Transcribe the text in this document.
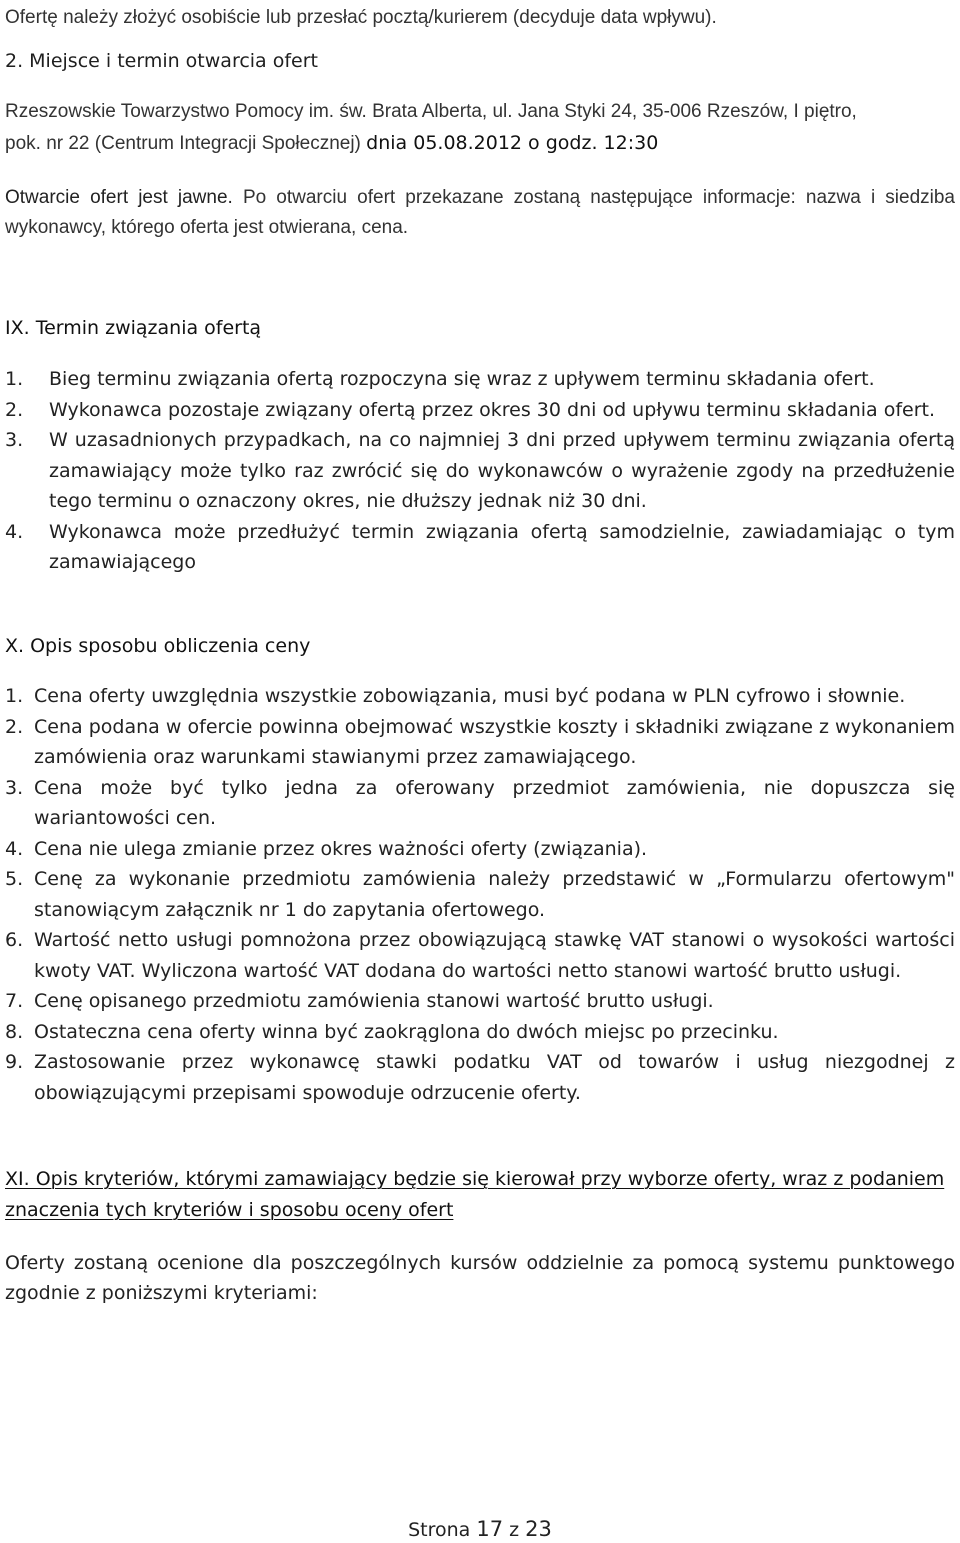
Ofertę należy złożyć osobiście lub przesłać pocztą/kurierem (decyduje data wpływu).

2. Miejsce i termin otwarcia ofert

Rzeszowskie Towarzystwo Pomocy im. św. Brata Alberta, ul. Jana Styki 24, 35-006 Rzeszów, I piętro,

pok. nr 22 (Centrum Integracji Społecznej) dnia 05.08.2012 o godz. 12:30

Otwarcie ofert jest jawne. Po otwarciu ofert przekazane zostaną następujące informacje: nazwa i siedziba wykonawcy, którego oferta jest otwierana, cena.

IX. Termin związania ofertą

1. Bieg terminu związania ofertą rozpoczyna się wraz z upływem terminu składania ofert.
2. Wykonawca pozostaje związany ofertą przez okres 30 dni od upływu terminu składania ofert.
3. W uzasadnionych przypadkach, na co najmniej 3 dni przed upływem terminu związania ofertą zamawiający może tylko raz zwrócić się do wykonawców o wyrażenie zgody na przedłużenie tego terminu o oznaczony okres, nie dłuższy jednak niż 30 dni.
4. Wykonawca może przedłużyć termin związania ofertą samodzielnie, zawiadamiając o tym zamawiającego

X. Opis sposobu obliczenia ceny

1. Cena oferty uwzględnia wszystkie zobowiązania, musi być podana w PLN cyfrowo i słownie.
2. Cena podana w ofercie powinna obejmować wszystkie koszty i składniki związane z wykonaniem zamówienia oraz warunkami stawianymi przez zamawiającego.
3. Cena może być tylko jedna za oferowany przedmiot zamówienia, nie dopuszcza się wariantowości cen.
4. Cena nie ulega zmianie przez okres ważności oferty (związania).
5. Cenę za wykonanie przedmiotu zamówienia należy przedstawić w „Formularzu ofertowym" stanowiącym załącznik nr 1 do zapytania ofertowego.
6. Wartość netto usługi pomnożona przez obowiązującą stawkę VAT stanowi o wysokości wartości kwoty VAT. Wyliczona wartość VAT dodana do wartości netto stanowi wartość brutto usługi.
7. Cenę opisanego przedmiotu zamówienia stanowi wartość brutto usługi.
8. Ostateczna cena oferty winna być zaokrąglona do dwóch miejsc po przecinku.
9. Zastosowanie przez wykonawcę stawki podatku VAT od towarów i usług niezgodnej z obowiązującymi przepisami spowoduje odrzucenie oferty.

XI. Opis kryteriów, którymi zamawiający będzie się kierował przy wyborze oferty, wraz z podaniem znaczenia tych kryteriów i sposobu oceny ofert

Oferty zostaną ocenione dla poszczególnych kursów oddzielnie za pomocą systemu punktowego zgodnie z poniższymi kryteriami:

Strona 17 z 23
